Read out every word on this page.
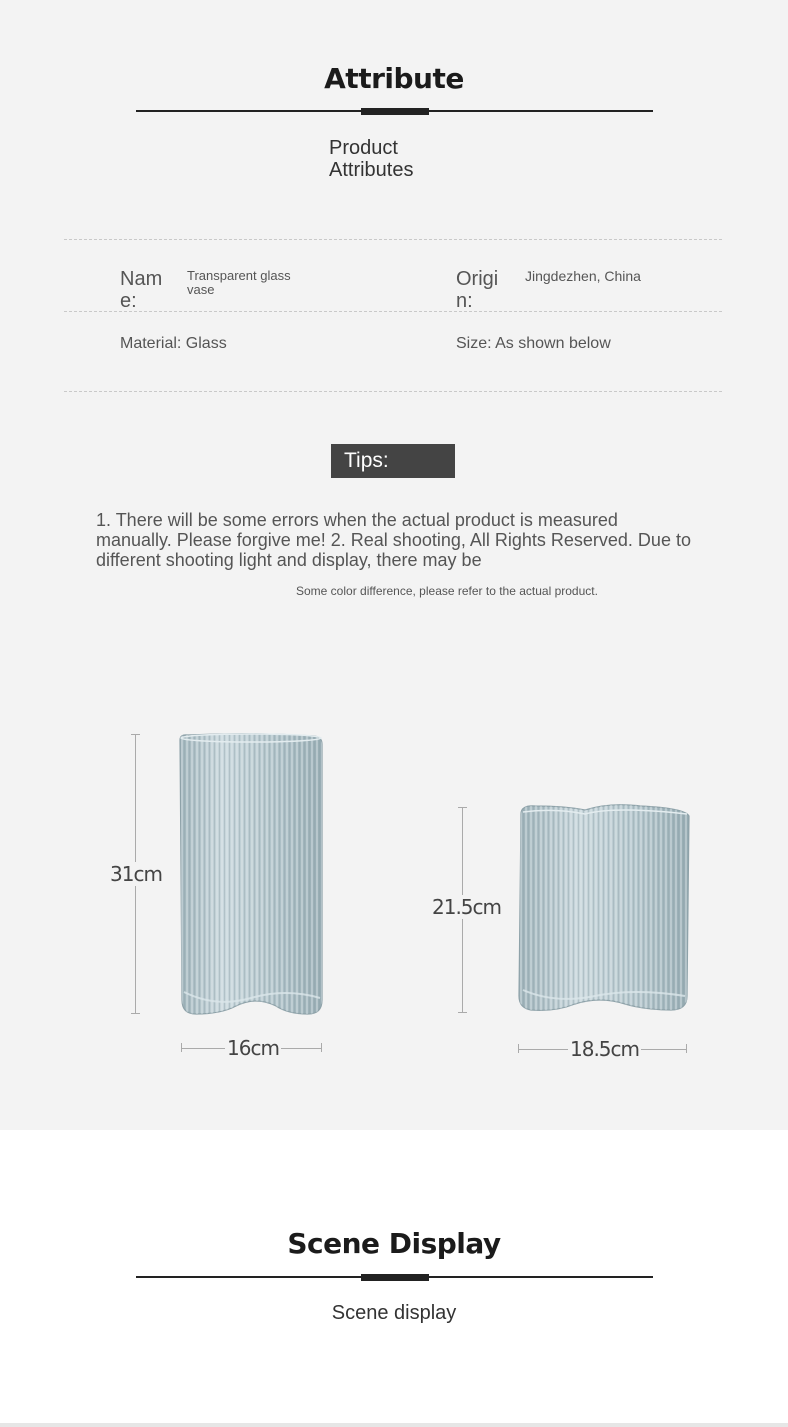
Attribute
Product
Attributes
Nam
e:
Transparent glass
vase	Origi
n:
Jingdezhen, China
Material: Glass	Size: As shown below
Tips:
1. There will be some errors when the actual product is measured manually. Please forgive me! 2. Real shooting, All Rights Reserved. Due to different shooting light and display, there may be
Some color difference, please refer to the actual product.
31cm
16cm
21.5cm
18.5cm
Scene Display
Scene display
